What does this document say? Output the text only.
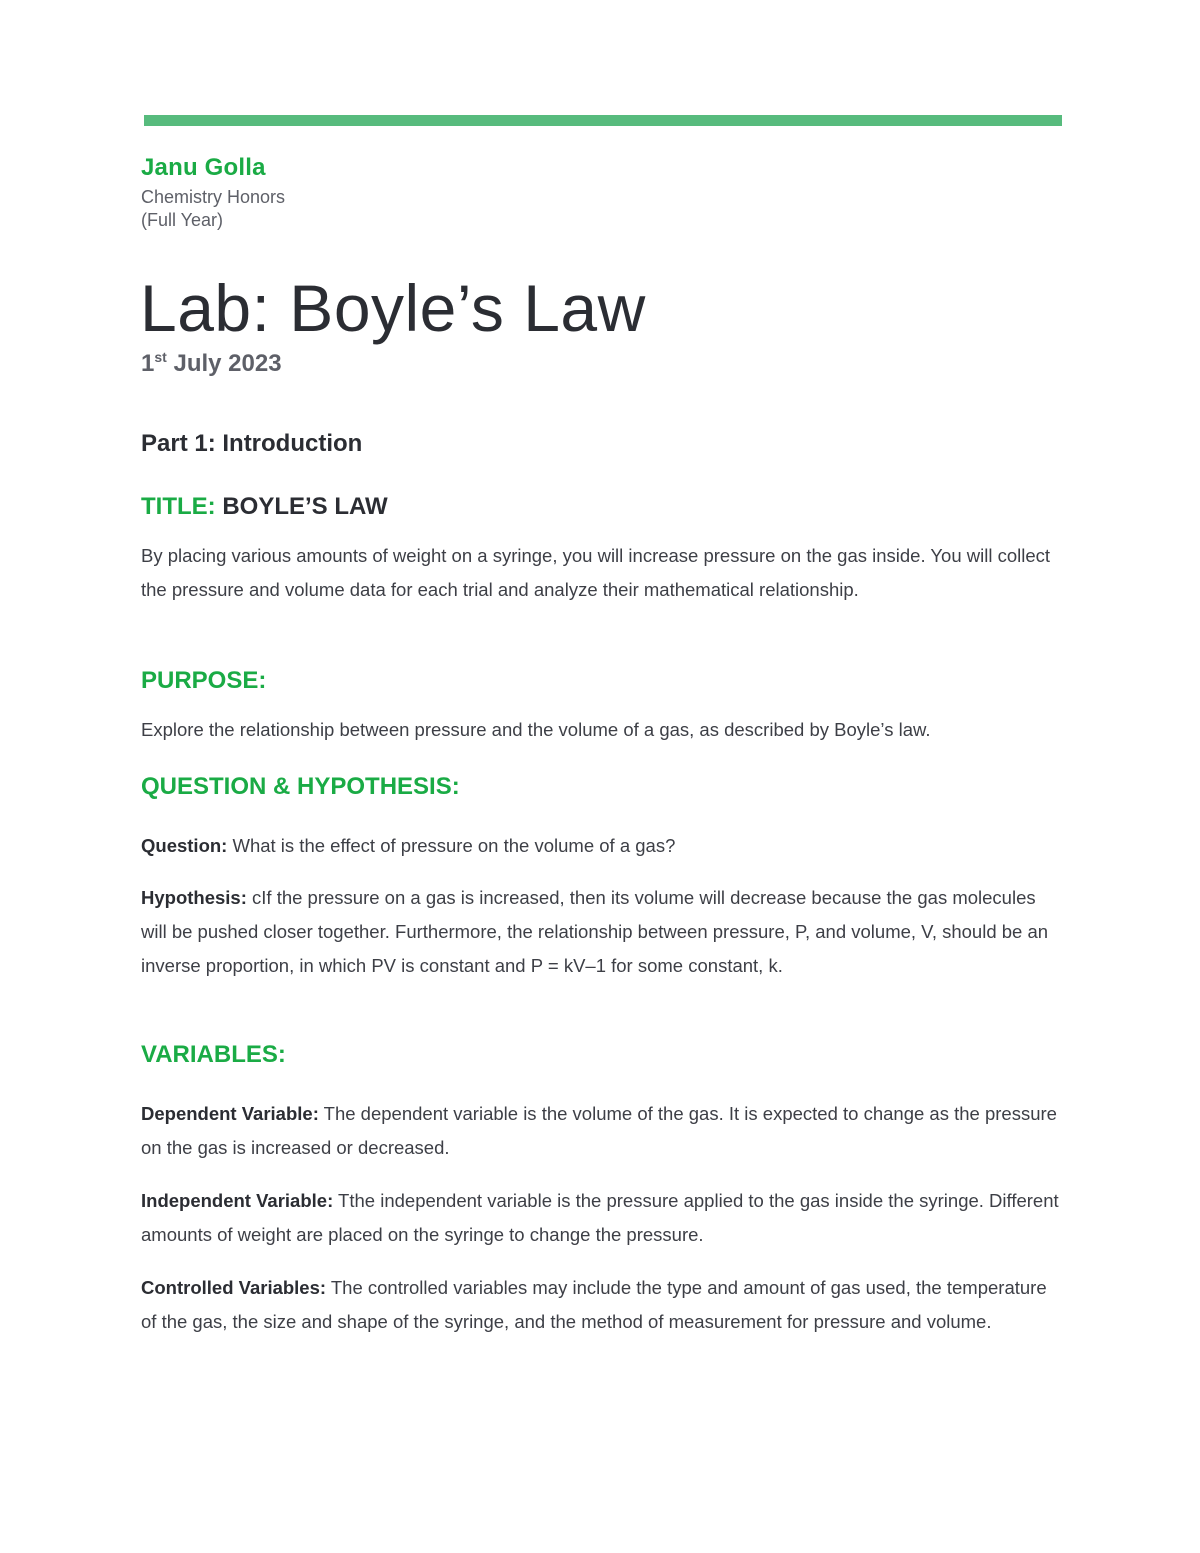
Janu Golla
Chemistry Honors
(Full Year)
Lab: Boyle’s Law
1st July 2023
Part 1: Introduction
TITLE: BOYLE’S LAW
By placing various amounts of weight on a syringe, you will increase pressure on the gas inside. You will collect the pressure and volume data for each trial and analyze their mathematical relationship.
PURPOSE:
Explore the relationship between pressure and the volume of a gas, as described by Boyle’s law.
QUESTION & HYPOTHESIS:
Question: What is the effect of pressure on the volume of a gas?
Hypothesis: cIf the pressure on a gas is increased, then its volume will decrease because the gas molecules will be pushed closer together. Furthermore, the relationship between pressure, P, and volume, V, should be an inverse proportion, in which PV is constant and P = kV–1 for some constant, k.
VARIABLES:
Dependent Variable: The dependent variable is the volume of the gas. It is expected to change as the pressure on the gas is increased or decreased.
Independent Variable: Tthe independent variable is the pressure applied to the gas inside the syringe. Different amounts of weight are placed on the syringe to change the pressure.
Controlled Variables: The controlled variables may include the type and amount of gas used, the temperature of the gas, the size and shape of the syringe, and the method of measurement for pressure and volume.
